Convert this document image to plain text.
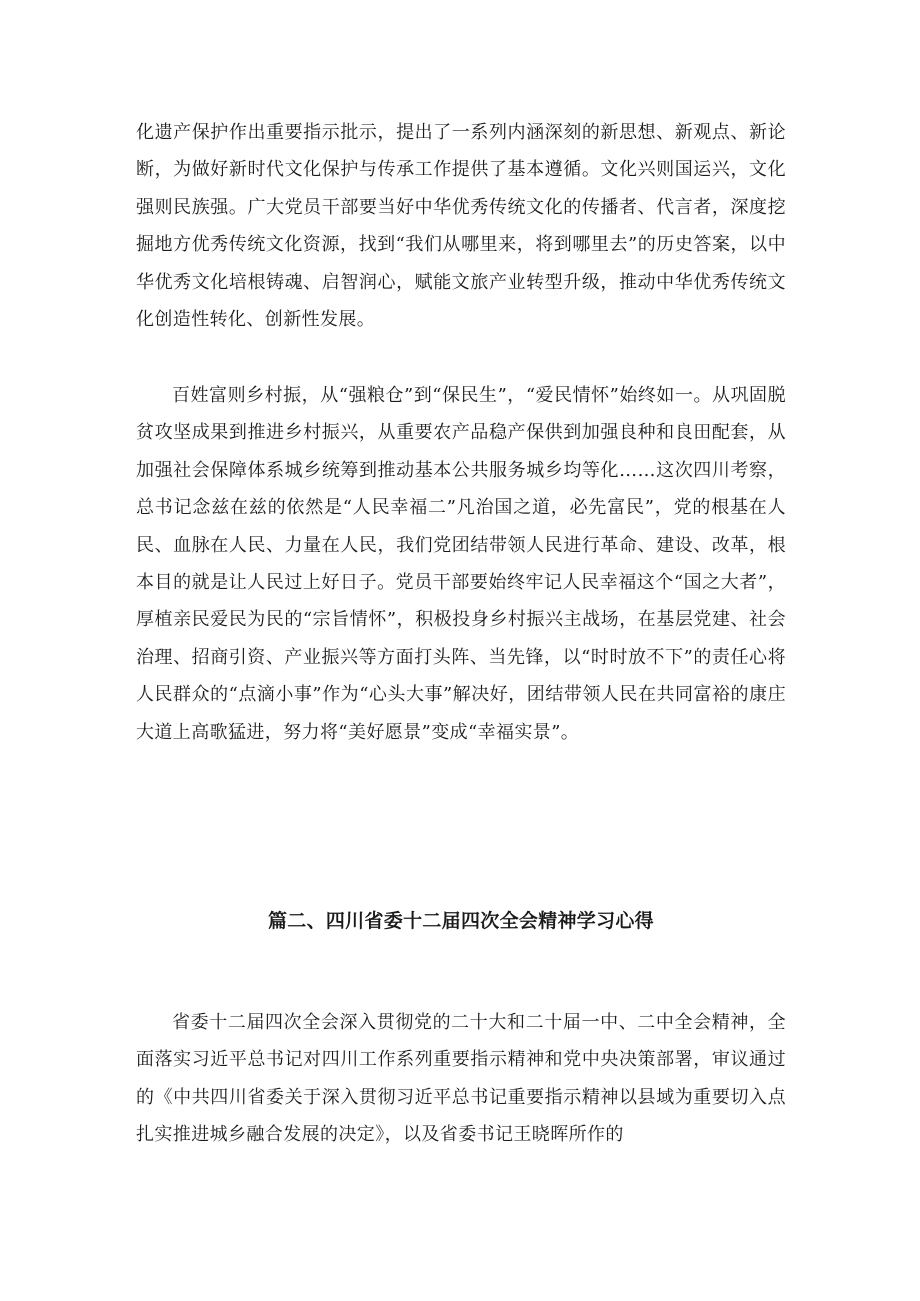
化遗产保护作出重要指示批示，提出了一系列内涵深刻的新思想、新观点、新论断，为做好新时代文化保护与传承工作提供了基本遵循。文化兴则国运兴，文化强则民族强。广大党员干部要当好中华优秀传统文化的传播者、代言者，深度挖掘地方优秀传统文化资源，找到“我们从哪里来，将到哪里去”的历史答案，以中华优秀文化培根铸魂、启智润心，赋能文旅产业转型升级，推动中华优秀传统文化创造性转化、创新性发展。

百姓富则乡村振，从“强粮仓”到“保民生”，“爱民情怀”始终如一。从巩固脱贫攻坚成果到推进乡村振兴，从重要农产品稳产保供到加强良种和良田配套，从加强社会保障体系城乡统筹到推动基本公共服务城乡均等化……这次四川考察，总书记念兹在兹的依然是“人民幸福二”凡治国之道，必先富民”，党的根基在人民、血脉在人民、力量在人民，我们党团结带领人民进行革命、建设、改革，根本目的就是让人民过上好日子。党员干部要始终牢记人民幸福这个“国之大者”，厚植亲民爱民为民的“宗旨情怀”，积极投身乡村振兴主战场，在基层党建、社会治理、招商引资、产业振兴等方面打头阵、当先锋，以“时时放不下”的责任心将人民群众的“点滴小事”作为“心头大事”解决好，团结带领人民在共同富裕的康庄大道上高歌猛进，努力将“美好愿景”变成“幸福实景”。

篇二、四川省委十二届四次全会精神学习心得

省委十二届四次全会深入贯彻党的二十大和二十届一中、二中全会精神，全面落实习近平总书记对四川工作系列重要指示精神和党中央决策部署，审议通过的《中共四川省委关于深入贯彻习近平总书记重要指示精神以县域为重要切入点扎实推进城乡融合发展的决定》，以及省委书记王晓晖所作的
